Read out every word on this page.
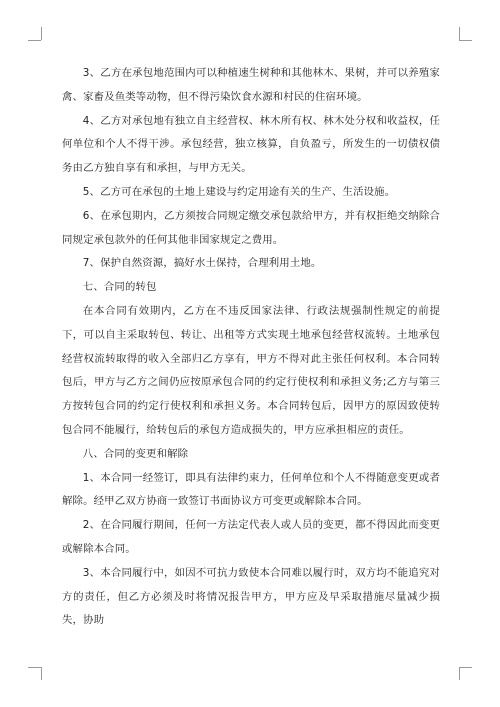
3、乙方在承包地范围内可以种植速生树种和其他林木、果树，并可以养殖家禽、家畜及鱼类等动物，但不得污染饮食水源和村民的住宿环境。

4、乙方对承包地有独立自主经营权、林木所有权、林木处分权和收益权，任何单位和个人不得干涉。承包经营，独立核算，自负盈亏，所发生的一切债权债务由乙方独自享有和承担，与甲方无关。

5、乙方可在承包的土地上建设与约定用途有关的生产、生活设施。

6、在承包期内，乙方须按合同规定缴交承包款给甲方，并有权拒绝交纳除合同规定承包款外的任何其他非国家规定之费用。

7、保护自然资源，搞好水土保持，合理利用土地。

七、合同的转包

在本合同有效期内，乙方在不违反国家法律、行政法规强制性规定的前提下，可以自主采取转包、转让、出租等方式实现土地承包经营权流转。土地承包经营权流转取得的收入全部归乙方享有，甲方不得对此主张任何权利。本合同转包后，甲方与乙方之间仍应按原承包合同的约定行使权利和承担义务;乙方与第三方按转包合同的约定行使权利和承担义务。本合同转包后，因甲方的原因致使转包合同不能履行，给转包后的承包方造成损失的，甲方应承担相应的责任。

八、合同的变更和解除

1、本合同一经签订，即具有法律约束力，任何单位和个人不得随意变更或者解除。经甲乙双方协商一致签订书面协议方可变更或解除本合同。

2、在合同履行期间，任何一方法定代表人或人员的变更，都不得因此而变更或解除本合同。

3、本合同履行中，如因不可抗力致使本合同难以履行时，双方均不能追究对方的责任，但乙方必须及时将情况报告甲方，甲方应及早采取措施尽量减少损失，协助
